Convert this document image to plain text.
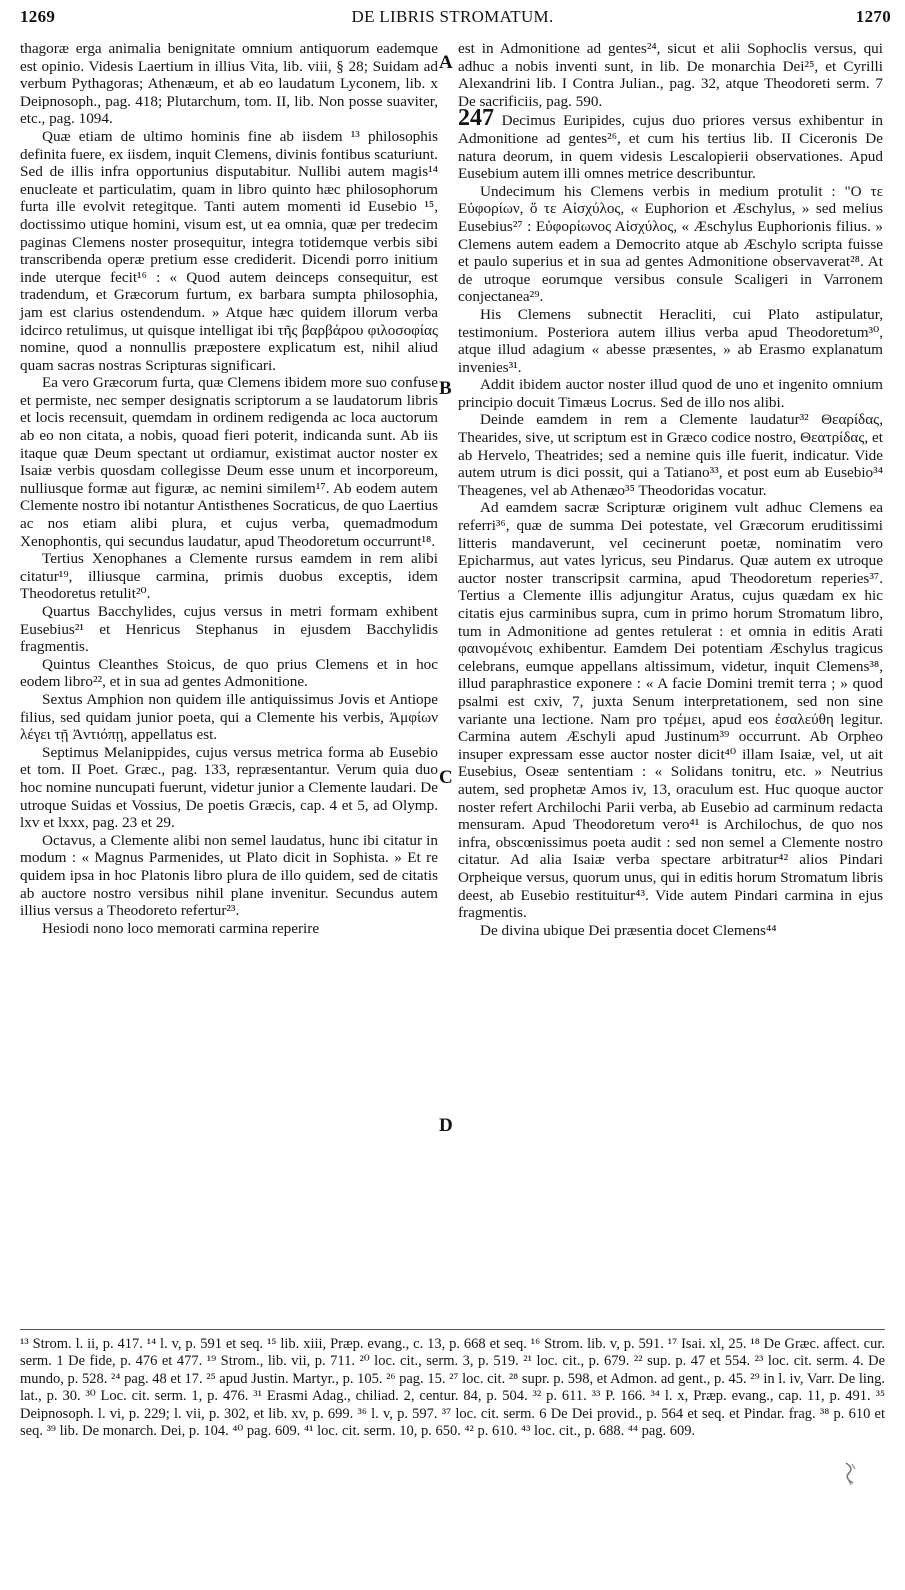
1269	DE LIBRIS STROMATUM.	1270

thagoræ erga animalia benignitate omnium antiquorum eademque est opinio. Videsis Laertium in illius Vita, lib. viii, § 28; Suidam ad verbum Pythagoras; Athenæum, et ab eo laudatum Lyconem, lib. x Deipnosoph., pag. 418; Plutarchum, tom. II, lib. Non posse suaviter, etc., pag. 1094.

Quæ etiam de ultimo hominis fine ab iisdem ¹³ philosophis definita fuere, ex iisdem, inquit Clemens, divinis fontibus scaturiunt. Sed de illis infra opportunius disputabitur. Nullibi autem magis¹⁴ enucleate et particulatim, quam in libro quinto hæc philosophorum furta ille evolvit retegitque. Tanti autem momenti id Eusebio ¹⁵, doctissimo utique homini, visum est, ut ea omnia, quæ per tredecim paginas Clemens noster prosequitur, integra totidemque verbis sibi transcribenda operæ pretium esse crediderit. Dicendi porro initium inde uterque fecit¹⁶ : « Quod autem deinceps consequitur, est tradendum, et Græcorum furtum, ex barbara sumpta philosophia, jam est clarius ostendendum. » Atque hæc quidem illorum verba idcirco retulimus, ut quisque intelligat ibi τῆς βαρβάρου φιλοσοφίας nomine, quod a nonnullis præpostere explicatum est, nihil aliud quam sacras nostras Scripturas significari.

Ea vero Græcorum furta, quæ Clemens ibidem more suo confuse et permiste, nec semper designatis scriptorum a se laudatorum libris et locis recensuit, quemdam in ordinem redigenda ac loca auctorum ab eo non citata, a nobis, quoad fieri poterit, indicanda sunt. Ab iis itaque quæ Deum spectant ut ordiamur, existimat auctor noster ex Isaiæ verbis quosdam collegisse Deum esse unum et incorporeum, nulliusque formæ aut figuræ, ac nemini similem¹⁷. Ab eodem autem Clemente nostro ibi notantur Antisthenes Socraticus, de quo Laertius ac nos etiam alibi plura, et cujus verba, quemadmodum Xenophontis, qui secundus laudatur, apud Theodoretum occurrunt¹⁸.

Tertius Xenophanes a Clemente rursus eamdem in rem alibi citatur¹⁹, illiusque carmina, primis duobus exceptis, idem Theodoretus retulit²⁰.

Quartus Bacchylides, cujus versus in metri formam exhibent Eusebius²¹ et Henricus Stephanus in ejusdem Bacchylidis fragmentis.

Quintus Cleanthes Stoicus, de quo prius Clemens et in hoc eodem libro²², et in sua ad gentes Admonitione.

Sextus Amphion non quidem ille antiquissimus Jovis et Antiope filius, sed quidam junior poeta, qui a Clemente his verbis, Ἀμφίων λέγει τῇ Ἀντιόπῃ, appellatus est.

Septimus Melanippides, cujus versus metrica forma ab Eusebio et tom. II Poet. Græc., pag. 133, repræsentantur. Verum quia duo hoc nomine nuncupati fuerunt, videtur junior a Clemente laudari. De utroque Suidas et Vossius, De poetis Græcis, cap. 4 et 5, ad Olymp. lxv et lxxx, pag. 23 et 29.

Octavus, a Clemente alibi non semel laudatus, hunc ibi citatur in modum : « Magnus Parmenides, ut Plato dicit in Sophista. » Et re quidem ipsa in hoc Platonis libro plura de illo quidem, sed de citatis ab auctore nostro versibus nihil plane invenitur. Secundus autem illius versus a Theodoreto refertur²³.

Hesiodi nono loco memorati carmina reperire

A
B
C
D

est in Admonitione ad gentes²⁴, sicut et alii Sophoclis versus, qui adhuc a nobis inventi sunt, in lib. De monarchia Dei²⁵, et Cyrilli Alexandrini lib. I Contra Julian., pag. 32, atque Theodoreti serm. 7 De sacrificiis, pag. 590.

247 Decimus Euripides, cujus duo priores versus exhibentur in Admonitione ad gentes²⁶, et cum his tertius lib. II Ciceronis De natura deorum, in quem videsis Lescalopierii observationes. Apud Eusebium autem illi omnes metrice describuntur.

Undecimum his Clemens verbis in medium protulit : "Ο τε Εὐφορίων, ὅ τε Αἰσχύλος, « Euphorion et Æschylus, » sed melius Eusebius²⁷ : Εὐφορίωνος Αἰσχύλος, « Æschylus Euphorionis filius. » Clemens autem eadem a Democrito atque ab Æschylo scripta fuisse et paulo superius et in sua ad gentes Admonitione observaverat²⁸. At de utroque eorumque versibus consule Scaligeri in Varronem conjectanea²⁹.

His Clemens subnectit Heracliti, cui Plato astipulatur, testimonium. Posteriora autem illius verba apud Theodoretum³⁰, atque illud adagium « abesse præsentes, » ab Erasmo explanatum invenies³¹.

Addit ibidem auctor noster illud quod de uno et ingenito omnium principio docuit Timæus Locrus. Sed de illo nos alibi.

Deinde eamdem in rem a Clemente laudatur³² Θεαρίδας, Thearides, sive, ut scriptum est in Græco codice nostro, Θεατρίδας, et ab Hervelo, Theatrides; sed a nemine quis ille fuerit, indicatur. Vide autem utrum is dici possit, qui a Tatiano³³, et post eum ab Eusebio³⁴ Theagenes, vel ab Athenæo³⁵ Theodoridas vocatur.

Ad eamdem sacræ Scripturæ originem vult adhuc Clemens ea referri³⁶, quæ de summa Dei potestate, vel Græcorum eruditissimi litteris mandaverunt, vel cecinerunt poetæ, nominatim vero Epicharmus, aut vates lyricus, seu Pindarus. Quæ autem ex utroque auctor noster transcripsit carmina, apud Theodoretum reperies³⁷. Tertius a Clemente illis adjungitur Aratus, cujus quædam ex hic citatis ejus carminibus supra, cum in primo horum Stromatum libro, tum in Admonitione ad gentes retulerat : et omnia in editis Arati φαινομένοις exhibentur. Eamdem Dei potentiam Æschylus tragicus celebrans, eumque appellans altissimum, videtur, inquit Clemens³⁸, illud paraphrastice exponere : « A facie Domini tremit terra ; » quod psalmi est cxiv, 7, juxta Senum interpretationem, sed non sine variante una lectione. Nam pro τρέμει, apud eos ἐσαλεύθη legitur. Carmina autem Æschyli apud Justinum³⁹ occurrunt. Ab Orpheo insuper expressam esse auctor noster dicit⁴⁰ illam Isaiæ, vel, ut ait Eusebius, Oseæ sententiam : « Solidans tonitru, etc. » Neutrius autem, sed prophetæ Amos iv, 13, oraculum est. Huc quoque auctor noster refert Archilochi Parii verba, ab Eusebio ad carminum redacta mensuram. Apud Theodoretum vero⁴¹ is Archilochus, de quo nos infra, obscœnissimus poeta audit : sed non semel a Clemente nostro citatur. Ad alia Isaiæ verba spectare arbitratur⁴² alios Pindari Orpheique versus, quorum unus, qui in editis horum Stromatum libris deest, ab Eusebio restituitur⁴³. Vide autem Pindari carmina in ejus fragmentis.

De divina ubique Dei præsentia docet Clemens⁴⁴

¹³ Strom. l. ii, p. 417. ¹⁴ l. v, p. 591 et seq. ¹⁵ lib. xiii, Præp. evang., c. 13, p. 668 et seq. ¹⁶ Strom. lib. v, p. 591. ¹⁷ Isai. xl, 25. ¹⁸ De Græc. affect. cur. serm. 1 De fide, p. 476 et 477. ¹⁹ Strom., lib. vii, p. 711. ²⁰ loc. cit., serm. 3, p. 519. ²¹ loc. cit., p. 679. ²² sup. p. 47 et 554. ²³ loc. cit. serm. 4. De mundo, p. 528. ²⁴ pag. 48 et 17. ²⁵ apud Justin. Martyr., p. 105. ²⁶ pag. 15. ²⁷ loc. cit. ²⁸ supr. p. 598, et Admon. ad gent., p. 45. ²⁹ in l. iv, Varr. De ling. lat., p. 30. ³⁰ Loc. cit. serm. 1, p. 476. ³¹ Erasmi Adag., chiliad. 2, centur. 84, p. 504. ³² p. 611. ³³ P. 166. ³⁴ l. x, Præp. evang., cap. 11, p. 491. ³⁵ Deipnosoph. l. vi, p. 229; l. vii, p. 302, et lib. xv, p. 699. ³⁶ l. v, p. 597. ³⁷ loc. cit. serm. 6 De Dei provid., p. 564 et seq. et Pindar. frag. ³⁸ p. 610 et seq. ³⁹ lib. De monarch. Dei, p. 104. ⁴⁰ pag. 609. ⁴¹ loc. cit. serm. 10, p. 650. ⁴² p. 610. ⁴³ loc. cit., p. 688. ⁴⁴ pag. 609.
